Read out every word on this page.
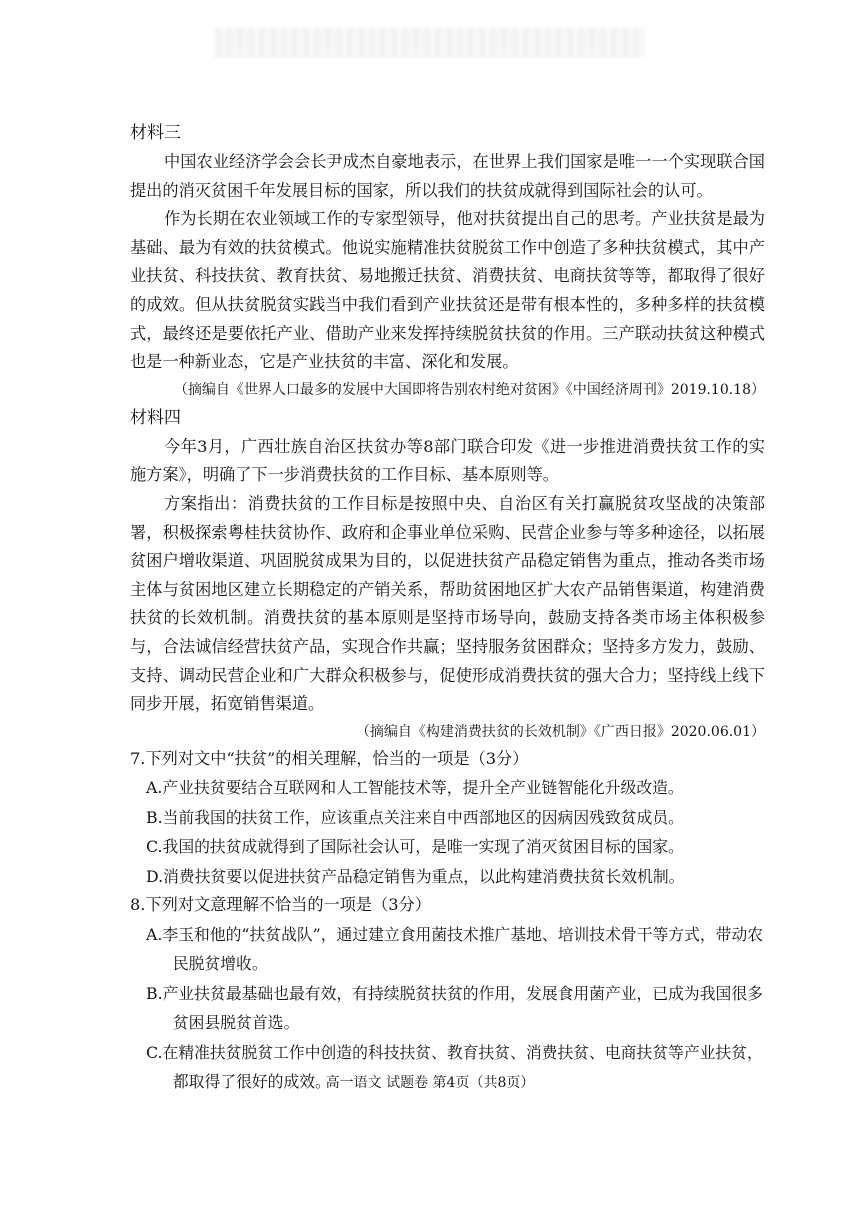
材料三

中国农业经济学会会长尹成杰自豪地表示，在世界上我们国家是唯一一个实现联合国提出的消灭贫困千年发展目标的国家，所以我们的扶贫成就得到国际社会的认可。

作为长期在农业领域工作的专家型领导，他对扶贫提出自己的思考。产业扶贫是最为基础、最为有效的扶贫模式。他说实施精准扶贫脱贫工作中创造了多种扶贫模式，其中产业扶贫、科技扶贫、教育扶贫、易地搬迁扶贫、消费扶贫、电商扶贫等等，都取得了很好的成效。但从扶贫脱贫实践当中我们看到产业扶贫还是带有根本性的，多种多样的扶贫模式，最终还是要依托产业、借助产业来发挥持续脱贫扶贫的作用。三产联动扶贫这种模式也是一种新业态，它是产业扶贫的丰富、深化和发展。

（摘编自《世界人口最多的发展中大国即将告别农村绝对贫困》《中国经济周刊》2019.10.18）

材料四

今年3月，广西壮族自治区扶贫办等8部门联合印发《进一步推进消费扶贫工作的实施方案》，明确了下一步消费扶贫的工作目标、基本原则等。

方案指出：消费扶贫的工作目标是按照中央、自治区有关打赢脱贫攻坚战的决策部署，积极探索粤桂扶贫协作、政府和企事业单位采购、民营企业参与等多种途径，以拓展贫困户增收渠道、巩固脱贫成果为目的，以促进扶贫产品稳定销售为重点，推动各类市场主体与贫困地区建立长期稳定的产销关系，帮助贫困地区扩大农产品销售渠道，构建消费扶贫的长效机制。消费扶贫的基本原则是坚持市场导向，鼓励支持各类市场主体积极参与，合法诚信经营扶贫产品，实现合作共赢；坚持服务贫困群众；坚持多方发力，鼓励、支持、调动民营企业和广大群众积极参与，促使形成消费扶贫的强大合力；坚持线上线下同步开展，拓宽销售渠道。

（摘编自《构建消费扶贫的长效机制》《广西日报》2020.06.01）

7.下列对文中“扶贫”的相关理解，恰当的一项是（3分）

A.产业扶贫要结合互联网和人工智能技术等，提升全产业链智能化升级改造。

B.当前我国的扶贫工作，应该重点关注来自中西部地区的因病因残致贫成员。

C.我国的扶贫成就得到了国际社会认可，是唯一实现了消灭贫困目标的国家。

D.消费扶贫要以促进扶贫产品稳定销售为重点，以此构建消费扶贫长效机制。

8.下列对文意理解不恰当的一项是（3分）

A.李玉和他的“扶贫战队”，通过建立食用菌技术推广基地、培训技术骨干等方式，带动农民脱贫增收。

B.产业扶贫最基础也最有效，有持续脱贫扶贫的作用，发展食用菌产业，已成为我国很多贫困县脱贫首选。

C.在精准扶贫脱贫工作中创造的科技扶贫、教育扶贫、消费扶贫、电商扶贫等产业扶贫，都取得了很好的成效。

高一语文 试题卷 第4页（共8页）
